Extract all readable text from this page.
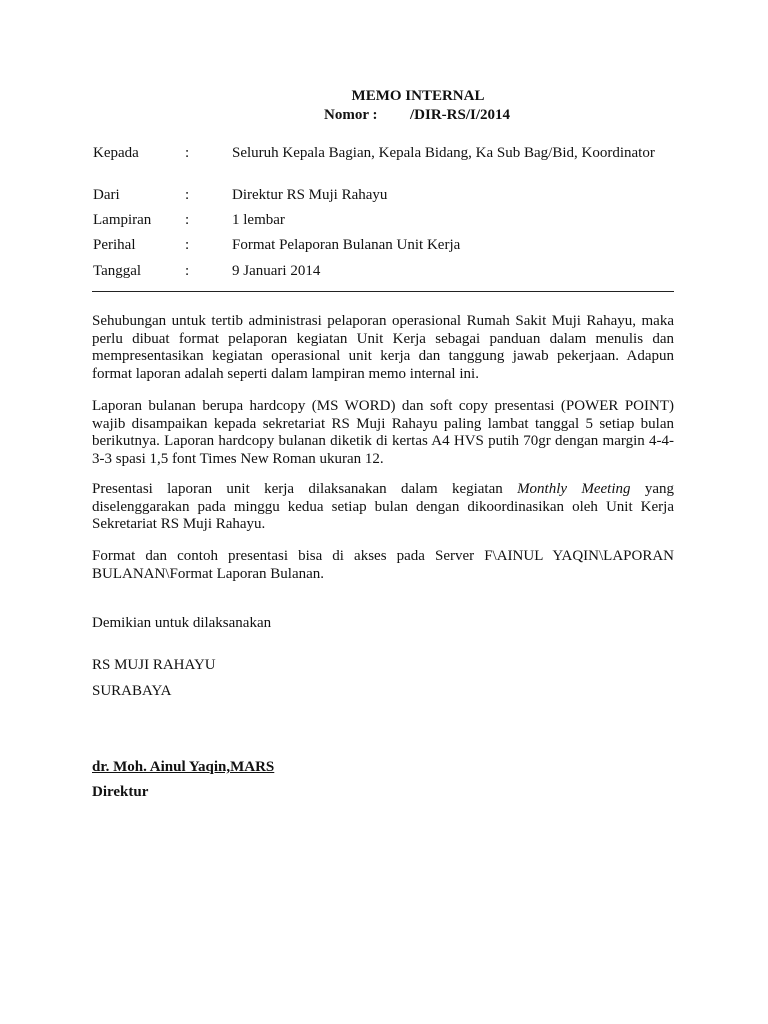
MEMO INTERNAL
Nomor : /DIR-RS/I/2014
Kepada	:	Seluruh Kepala Bagian, Kepala Bidang, Ka Sub Bag/Bid, Koordinator
Dari	:	Direktur RS Muji Rahayu
Lampiran :	1 lembar
Perihal	:	Format Pelaporan Bulanan Unit Kerja
Tanggal	:	9 Januari 2014

Sehubungan untuk tertib administrasi pelaporan operasional Rumah Sakit Muji Rahayu, maka perlu dibuat format pelaporan kegiatan Unit Kerja sebagai panduan dalam menulis dan mempresentasikan kegiatan operasional unit kerja dan tanggung jawab pekerjaan. Adapun format laporan adalah seperti dalam lampiran memo internal ini.

Laporan bulanan berupa hardcopy (MS WORD) dan soft copy presentasi (POWER POINT) wajib disampaikan kepada sekretariat RS Muji Rahayu paling lambat tanggal 5 setiap bulan berikutnya. Laporan hardcopy bulanan diketik di kertas A4 HVS putih 70gr dengan margin 4-4-3-3 spasi 1,5 font Times New Roman ukuran 12.

Presentasi laporan unit kerja dilaksanakan dalam kegiatan Monthly Meeting yang diselenggarakan pada minggu kedua setiap bulan dengan dikoordinasikan oleh Unit Kerja Sekretariat RS Muji Rahayu.

Format dan contoh presentasi bisa di akses pada Server F\AINUL YAQIN\LAPORAN BULANAN\Format Laporan Bulanan.

Demikian untuk dilaksanakan
RS MUJI RAHAYU
SURABAYA
dr. Moh. Ainul Yaqin,MARS
Direktur
